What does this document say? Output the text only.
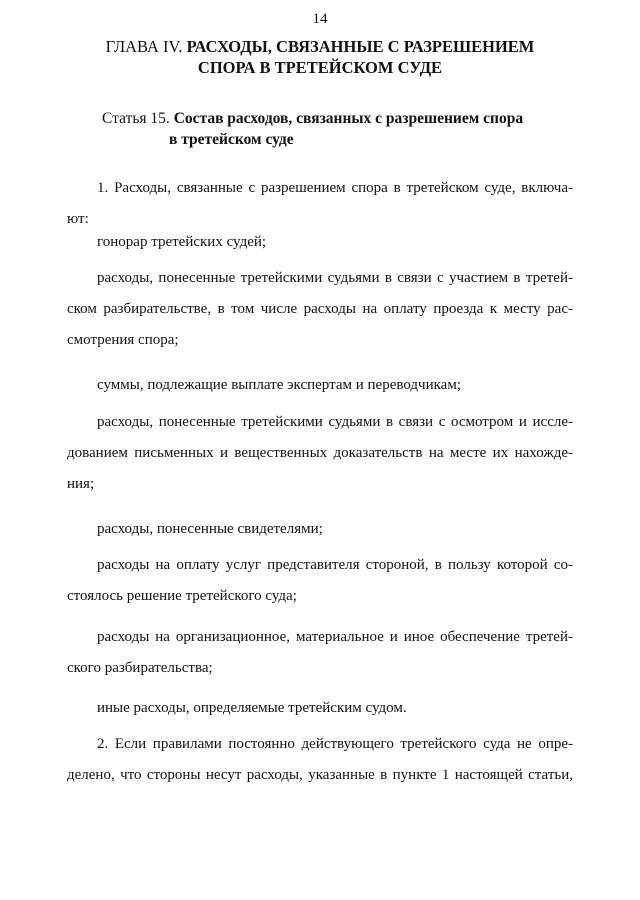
14
ГЛАВА IV. РАСХОДЫ, СВЯЗАННЫЕ С РАЗРЕШЕНИЕМ
СПОРА В ТРЕТЕЙСКОМ СУДЕ
Статья 15. Состав расходов, связанных с разрешением спора
в третейском суде
1. Расходы, связанные с разрешением спора в третейском суде, включа-
ют:
гонорар третейских судей;
расходы, понесенные третейскими судьями в связи с участием в третей-
ском разбирательстве, в том числе расходы на оплату проезда к месту рас-
смотрения спора;
суммы, подлежащие выплате экспертам и переводчикам;
расходы, понесенные третейскими судьями в связи с осмотром и иссле-
дованием письменных и вещественных доказательств на месте их нахожде-
ния;
расходы, понесенные свидетелями;
расходы на оплату услуг представителя стороной, в пользу которой со-
стоялось решение третейского суда;
расходы на организационное, материальное и иное обеспечение третей-
ского разбирательства;
иные расходы, определяемые третейским судом.
2. Если правилами постоянно действующего третейского суда не опре-
делено, что стороны несут расходы, указанные в пункте 1 настоящей статьи,
